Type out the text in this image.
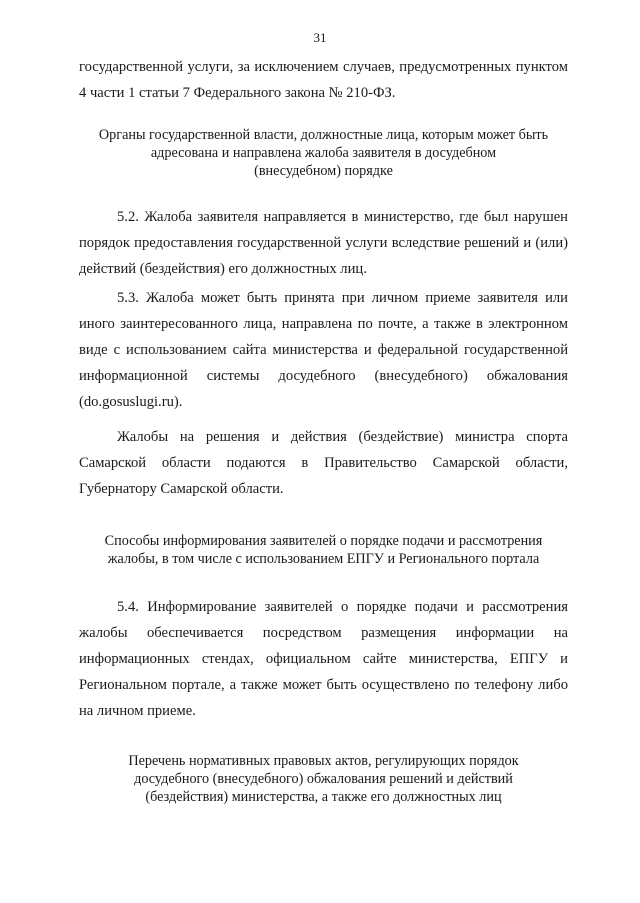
31

государственной услуги, за исключением случаев, предусмотренных пунктом 4 части 1 статьи 7 Федерального закона № 210-ФЗ.

Органы государственной власти, должностные лица, которым может быть
адресована и направлена жалоба заявителя в досудебном
(внесудебном) порядке

5.2. Жалоба заявителя направляется в министерство, где был нарушен порядок предоставления государственной услуги вследствие решений и (или) действий (бездействия) его должностных лиц.

5.3. Жалоба может быть принята при личном приеме заявителя или иного заинтересованного лица, направлена по почте, а также в электронном виде с использованием сайта министерства и федеральной государственной информационной системы досудебного (внесудебного) обжалования (do.gosuslugi.ru).

Жалобы на решения и действия (бездействие) министра спорта Самарской области подаются в Правительство Самарской области, Губернатору Самарской области.

Способы информирования заявителей о порядке подачи и рассмотрения
жалобы, в том числе с использованием ЕПГУ и Регионального портала

5.4. Информирование заявителей о порядке подачи и рассмотрения жалобы обеспечивается посредством размещения информации на информационных стендах, официальном сайте министерства, ЕПГУ и Региональном портале, а также может быть осуществлено по телефону либо на личном приеме.

Перечень нормативных правовых актов, регулирующих порядок
досудебного (внесудебного) обжалования решений и действий
(бездействия) министерства, а также его должностных лиц
